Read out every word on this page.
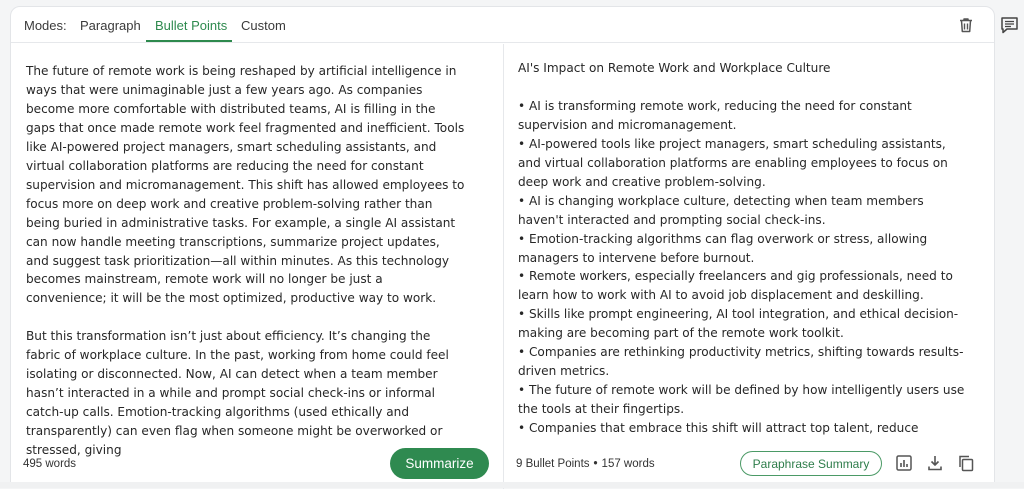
Modes: Paragraph Bullet Points Custom

The future of remote work is being reshaped by artificial intelligence in ways that were unimaginable just a few years ago. As companies become more comfortable with distributed teams, AI is filling in the gaps that once made remote work feel fragmented and inefficient. Tools like AI-powered project managers, smart scheduling assistants, and virtual collaboration platforms are reducing the need for constant supervision and micromanagement. This shift has allowed employees to focus more on deep work and creative problem-solving rather than being buried in administrative tasks. For example, a single AI assistant can now handle meeting transcriptions, summarize project updates, and suggest task prioritization—all within minutes. As this technology becomes mainstream, remote work will no longer be just a convenience; it will be the most optimized, productive way to work.

But this transformation isn’t just about efficiency. It’s changing the fabric of workplace culture. In the past, working from home could feel isolating or disconnected. Now, AI can detect when a team member hasn’t interacted in a while and prompt social check-ins or informal catch-up calls. Emotion-tracking algorithms (used ethically and transparently) can even flag when someone might be overworked or stressed, giving

AI's Impact on Remote Work and Workplace Culture
• AI is transforming remote work, reducing the need for constant supervision and micromanagement.
• AI-powered tools like project managers, smart scheduling assistants, and virtual collaboration platforms are enabling employees to focus on deep work and creative problem-solving.
• AI is changing workplace culture, detecting when team members haven't interacted and prompting social check-ins.
• Emotion-tracking algorithms can flag overwork or stress, allowing managers to intervene before burnout.
• Remote workers, especially freelancers and gig professionals, need to learn how to work with AI to avoid job displacement and deskilling.
• Skills like prompt engineering, AI tool integration, and ethical decision-making are becoming part of the remote work toolkit.
• Companies are rethinking productivity metrics, shifting towards results-driven metrics.
• The future of remote work will be defined by how intelligently users use the tools at their fingertips.
• Companies that embrace this shift will attract top talent, reduce
495 words	Summarize	9 Bullet Points • 157 words	Paraphrase Summary
